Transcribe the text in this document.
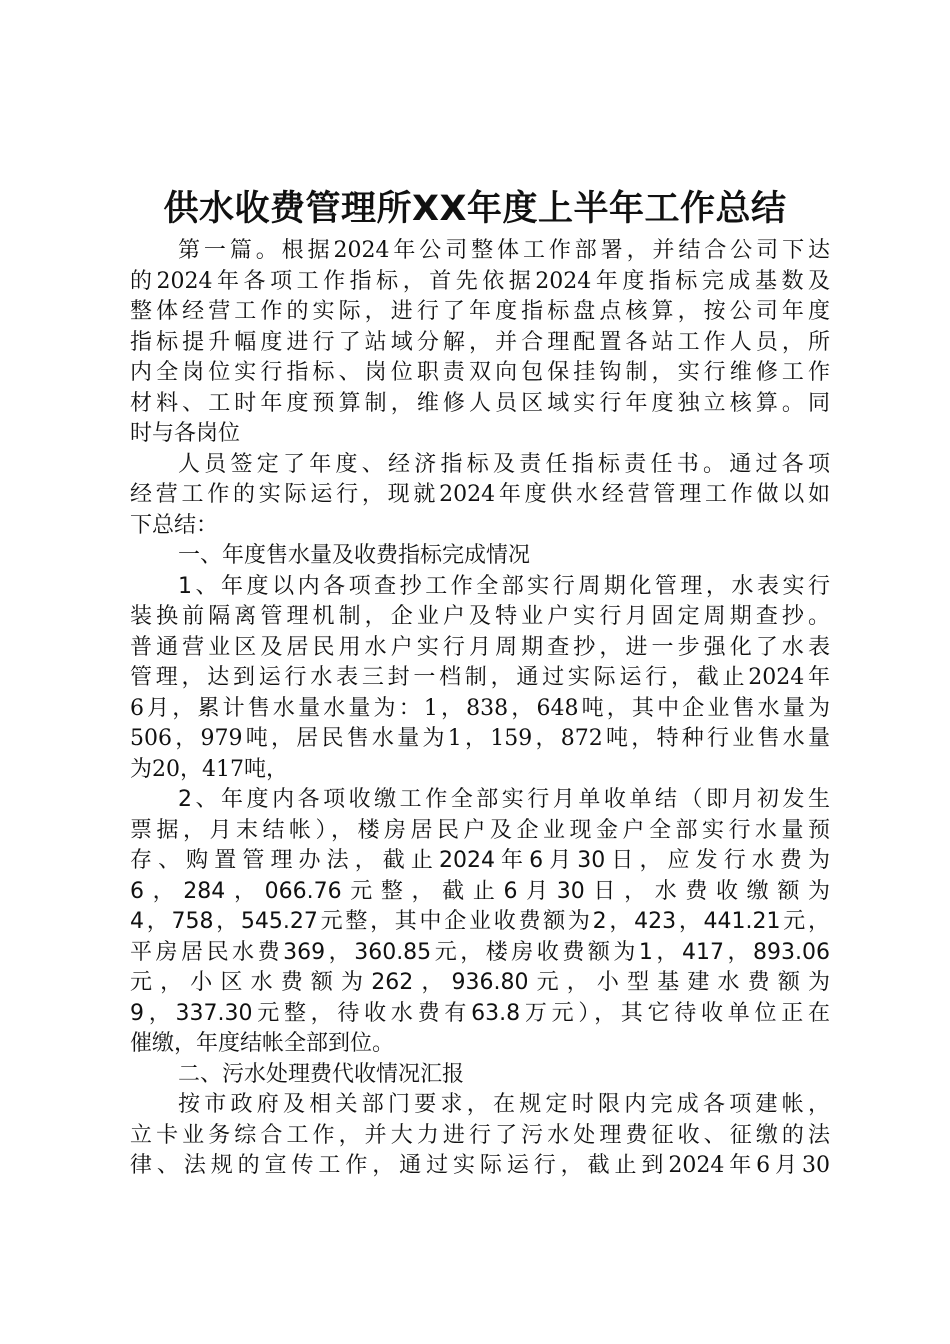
供水收费管理所XX年度上半年工作总结
第一篇。根据2024年公司整体工作部署，并结合公司下达
的2024年各项工作指标，首先依据2024年度指标完成基数及
整体经营工作的实际，进行了年度指标盘点核算，按公司年度
指标提升幅度进行了站域分解，并合理配置各站工作人员，所
内全岗位实行指标、岗位职责双向包保挂钩制，实行维修工作
材料、工时年度预算制，维修人员区域实行年度独立核算。同
时与各岗位
人员签定了年度、经济指标及责任指标责任书。通过各项
经营工作的实际运行，现就2024年度供水经营管理工作做以如
下总结：
一、年度售水量及收费指标完成情况
1、年度以内各项查抄工作全部实行周期化管理，水表实行
装换前隔离管理机制，企业户及特业户实行月固定周期查抄。
普通营业区及居民用水户实行月周期查抄，进一步强化了水表
管理，达到运行水表三封一档制，通过实际运行，截止2024年
6月，累计售水量水量为：1，838，648吨，其中企业售水量为
506，979吨，居民售水量为1，159，872吨，特种行业售水量
为20，417吨，
2、年度内各项收缴工作全部实行月单收单结（即月初发生
票据，月末结帐），楼房居民户及企业现金户全部实行水量预
存、购置管理办法，截止2024年6月30日，应发行水费为
6，284，066.76元整，截止6月30日，水费收缴额为
4，758，545.27元整，其中企业收费额为2，423，441.21元，
平房居民水费369，360.85元，楼房收费额为1，417，893.06
元，小区水费额为262，936.80元，小型基建水费额为
9，337.30元整，待收水费有63.8万元），其它待收单位正在
催缴，年度结帐全部到位。
二、污水处理费代收情况汇报
按市政府及相关部门要求，在规定时限内完成各项建帐，
立卡业务综合工作，并大力进行了污水处理费征收、征缴的法
律、法规的宣传工作，通过实际运行，截止到2024年6月30
